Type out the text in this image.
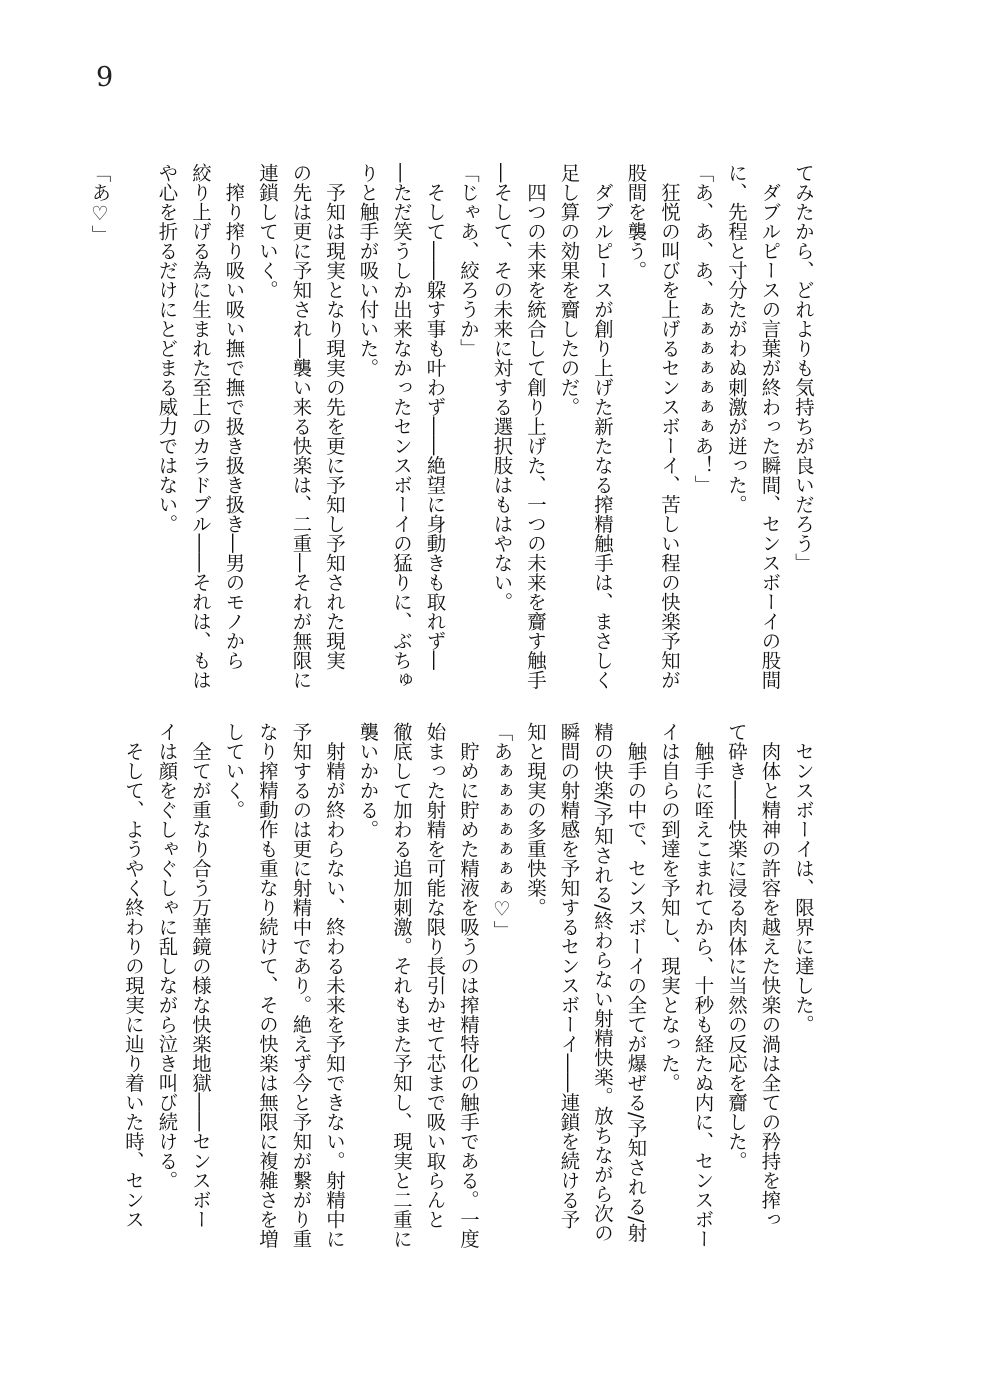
9
てみたから、どれよりも気持ちが良いだろう」
　ダブルピースの言葉が終わった瞬間、センスボーイの股間
に、先程と寸分たがわぬ刺激が迸った。
「あ、あ、あ、ぁぁぁぁぁぁぁあ！」
　狂悦の叫びを上げるセンスボーイ、苦しい程の快楽予知が
股間を襲う。
　ダブルピースが創り上げた新たなる搾精触手は、まさしく
足し算の効果を齎したのだ。
　四つの未来を統合して創り上げた、一つの未来を齎す触手
―そして、その未来に対する選択肢はもはやない。
「じゃあ、絞ろうか」
　そして――躱す事も叶わず――絶望に身動きも取れず―
―ただ笑うしか出来なかったセンスボーイの猛りに、ぶちゅ
りと触手が吸い付いた。
　予知は現実となり現実の先を更に予知し予知された現実
の先は更に予知され―襲い来る快楽は、二重―それが無限に
連鎖していく。
　搾り搾り吸い吸い撫で撫で扱き扱き扱き―男のモノから
絞り上げる為に生まれた至上のカラドブル――それは、もは
や心を折るだけにとどまる威力ではない。
「あ♡」
　センスボーイは、限界に達した。
　肉体と精神の許容を越えた快楽の渦は全ての矜持を搾っ
て砕き――快楽に浸る肉体に当然の反応を齎した。
　触手に咥えこまれてから、十秒も経たぬ内に、センスボー
イは自らの到達を予知し、現実となった。
　触手の中で、センスボーイの全てが爆ぜる/予知される/射
精の快楽/予知される/終わらない射精快楽。放ちながら次の
瞬間の射精感を予知するセンスボーイ――連鎖を続ける予
知と現実の多重快楽。
「あぁぁぁぁぁぁぁ♡」
　貯めに貯めた精液を吸うのは搾精特化の触手である。一度
始まった射精を可能な限り長引かせて芯まで吸い取らんと
徹底して加わる追加刺激。それもまた予知し、現実と二重に
襲いかかる。
　射精が終わらない、終わる未来を予知できない。射精中に
予知するのは更に射精中であり。絶えず今と予知が繋がり重
なり搾精動作も重なり続けて、その快楽は無限に複雑さを増
していく。
　全てが重なり合う万華鏡の様な快楽地獄――センスボー
イは顔をぐしゃぐしゃに乱しながら泣き叫び続ける。
　そして、ようやく終わりの現実に辿り着いた時、センス
